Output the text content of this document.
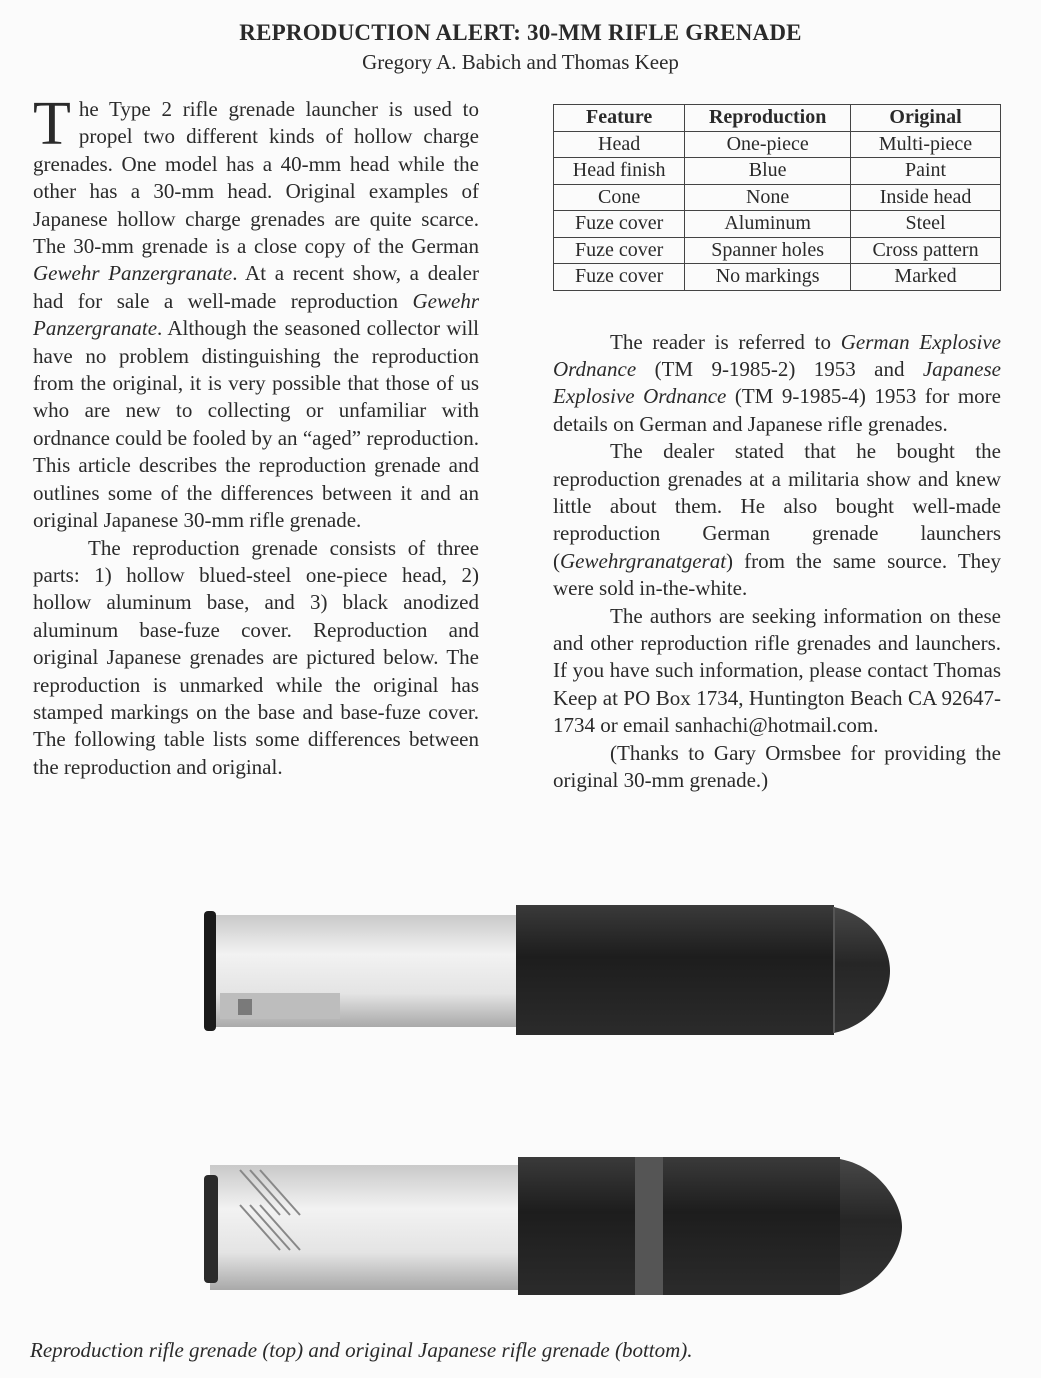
REPRODUCTION ALERT: 30-MM RIFLE GRENADE
Gregory A. Babich and Thomas Keep

The Type 2 rifle grenade launcher is used to propel two different kinds of hollow charge grenades. One model has a 40-mm head while the other has a 30-mm head. Original examples of Japanese hollow charge grenades are quite scarce. The 30-mm grenade is a close copy of the German Gewehr Panzergranate. At a recent show, a dealer had for sale a well-made reproduction Gewehr Panzergranate. Although the seasoned collector will have no problem distinguishing the reproduction from the original, it is very possible that those of us who are new to collecting or unfamiliar with ordnance could be fooled by an “aged” reproduction. This article describes the reproduction grenade and outlines some of the differences between it and an original Japanese 30-mm rifle grenade.

The reproduction grenade consists of three parts: 1) hollow blued-steel one-piece head, 2) hollow aluminum base, and 3) black anodized aluminum base-fuze cover. Reproduction and original Japanese grenades are pictured below. The reproduction is unmarked while the original has stamped markings on the base and base-fuze cover. The following table lists some differences between the reproduction and original.

Feature	Reproduction	Original
Head	One-piece	Multi-piece
Head finish	Blue	Paint
Cone	None	Inside head
Fuze cover	Aluminum	Steel
Fuze cover	Spanner holes	Cross pattern
Fuze cover	No markings	Marked

The reader is referred to German Explosive Ordnance (TM 9-1985-2) 1953 and Japanese Explosive Ordnance (TM 9-1985-4) 1953 for more details on German and Japanese rifle grenades.

The dealer stated that he bought the reproduction grenades at a militaria show and knew little about them. He also bought well-made reproduction German grenade launchers (Gewehrgranatgerat) from the same source. They were sold in-the-white.

The authors are seeking information on these and other reproduction rifle grenades and launchers. If you have such information, please contact Thomas Keep at PO Box 1734, Huntington Beach CA 92647-1734 or email sanhachi@hotmail.com.

(Thanks to Gary Ormsbee for providing the original 30-mm grenade.)

Reproduction rifle grenade (top) and original Japanese rifle grenade (bottom).
